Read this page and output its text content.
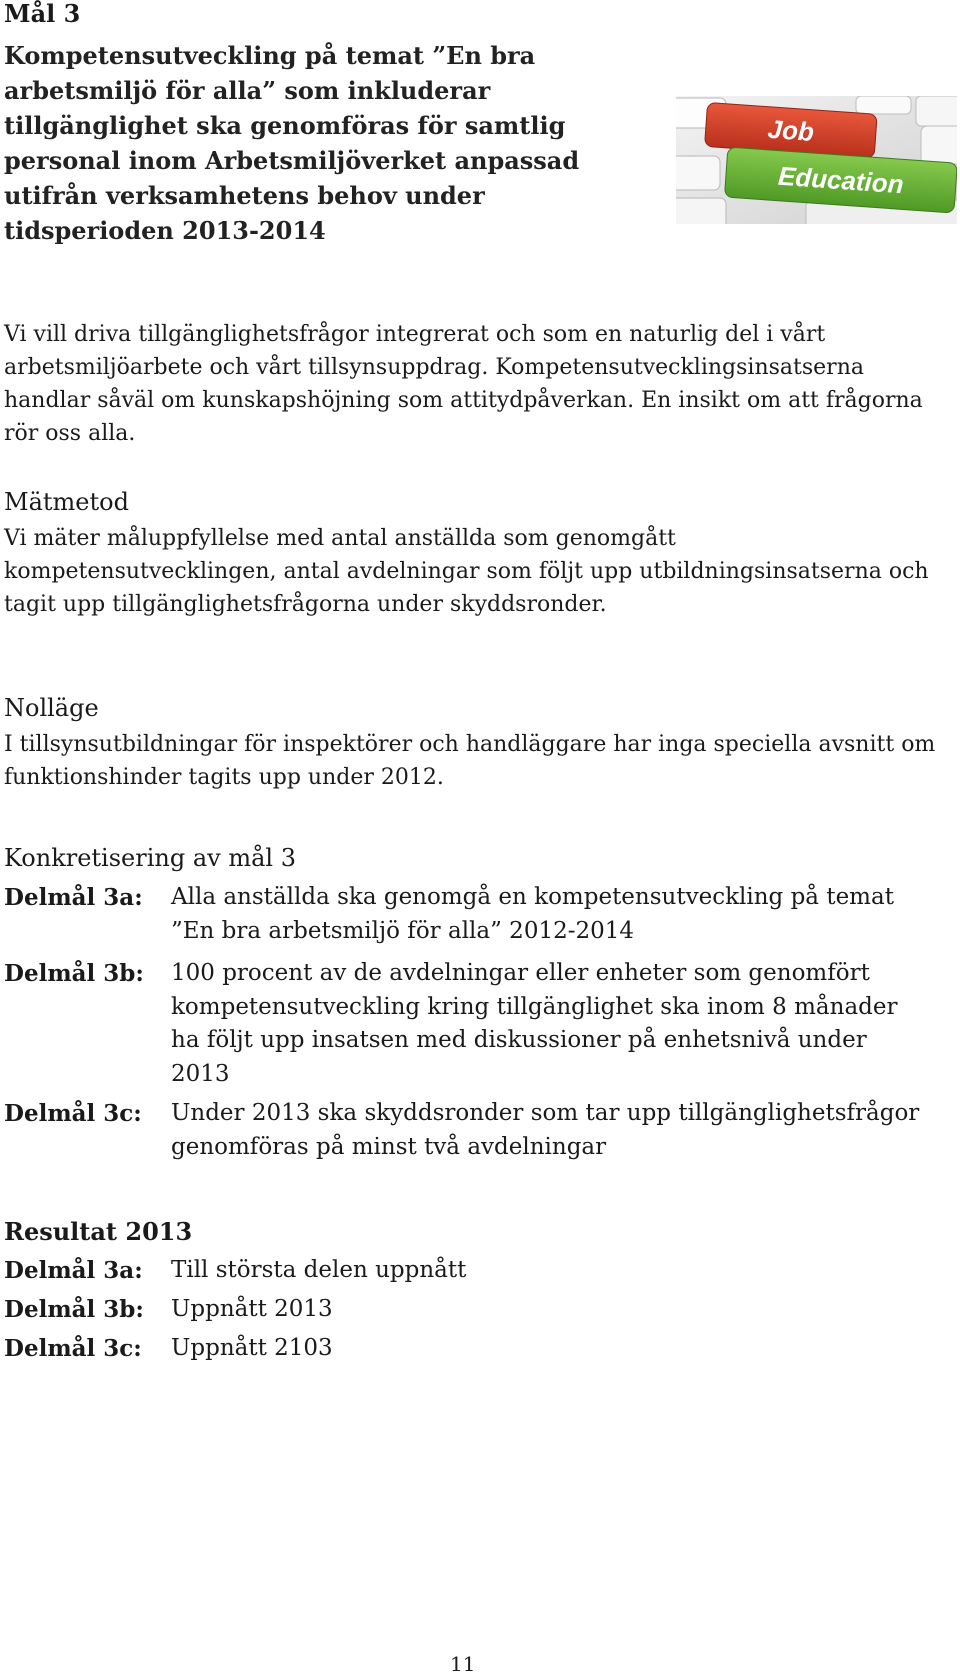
Mål 3
Kompetensutveckling på temat ”En bra arbetsmiljö för alla” som inkluderar tillgänglighet ska genomföras för samtlig personal inom Arbetsmiljöverket anpassad utifrån verksamhetens behov under tidsperioden 2013-2014
Job
Education
Vi vill driva tillgänglighetsfrågor integrerat och som en naturlig del i vårt arbetsmiljöarbete och vårt tillsynsuppdrag. Kompetensutvecklingsinsatserna handlar såväl om kunskapshöjning som attitydpåverkan. En insikt om att frågorna rör oss alla.
Mätmetod
Vi mäter måluppfyllelse med antal anställda som genomgått kompetensutvecklingen, antal avdelningar som följt upp utbildningsinsatserna och tagit upp tillgänglighetsfrågorna under skyddsronder.
Nolläge
I tillsynsutbildningar för inspektörer och handläggare har inga speciella avsnitt om funktionshinder tagits upp under 2012.
Konkretisering av mål 3
Delmål 3a:	Alla anställda ska genomgå en kompetensutveckling på temat ”En bra arbetsmiljö för alla” 2012-2014
Delmål 3b:	100 procent av de avdelningar eller enheter som genomfört kompetensutveckling kring tillgänglighet ska inom 8 månader ha följt upp insatsen med diskussioner på enhetsnivå under 2013
Delmål 3c:	Under 2013 ska skyddsronder som tar upp tillgänglighetsfrågor genomföras på minst två avdelningar
Resultat 2013
Delmål 3a:	Till största delen uppnått
Delmål 3b:	Uppnått 2013
Delmål 3c:	Uppnått 2103
11
